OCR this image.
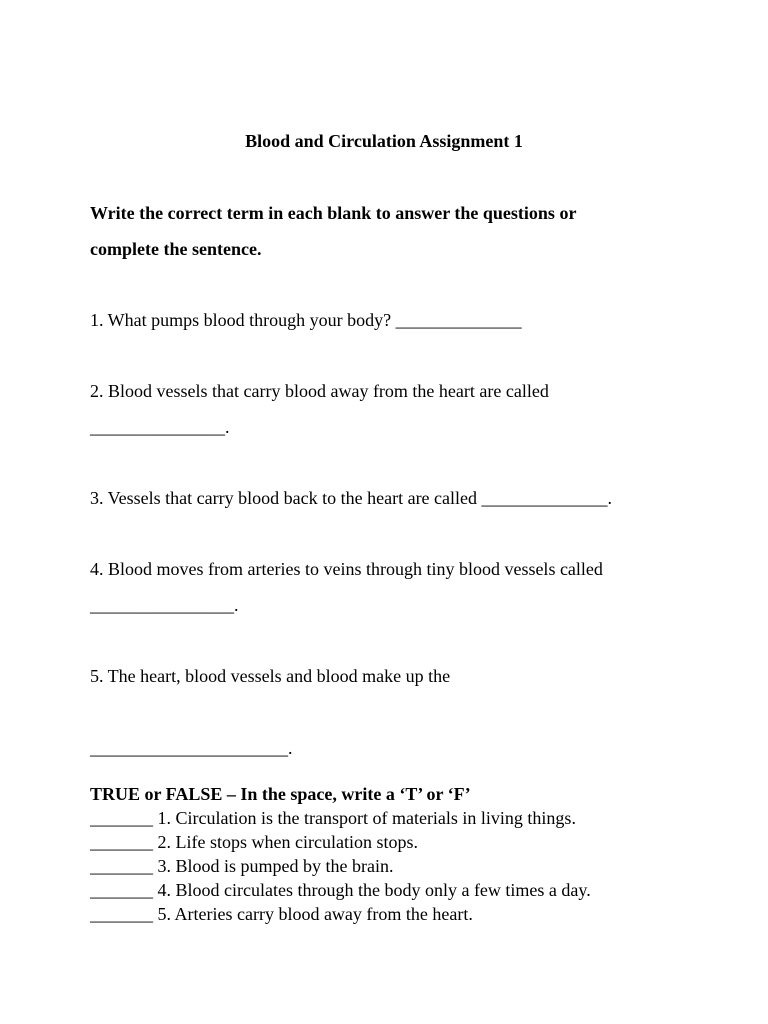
Blood and Circulation Assignment 1
Write the correct term in each blank to answer the questions or
complete the sentence.
1. What pumps blood through your body? ______________
2. Blood vessels that carry blood away from the heart are called
_______________.
3. Vessels that carry blood back to the heart are called ______________.
4. Blood moves from arteries to veins through tiny blood vessels called
________________.
5. The heart, blood vessels and blood make up the
______________________.
TRUE or FALSE – In the space, write a ‘T’ or ‘F’
_______ 1. Circulation is the transport of materials in living things.
_______ 2. Life stops when circulation stops.
_______ 3. Blood is pumped by the brain.
_______ 4. Blood circulates through the body only a few times a day.
_______ 5. Arteries carry blood away from the heart.
